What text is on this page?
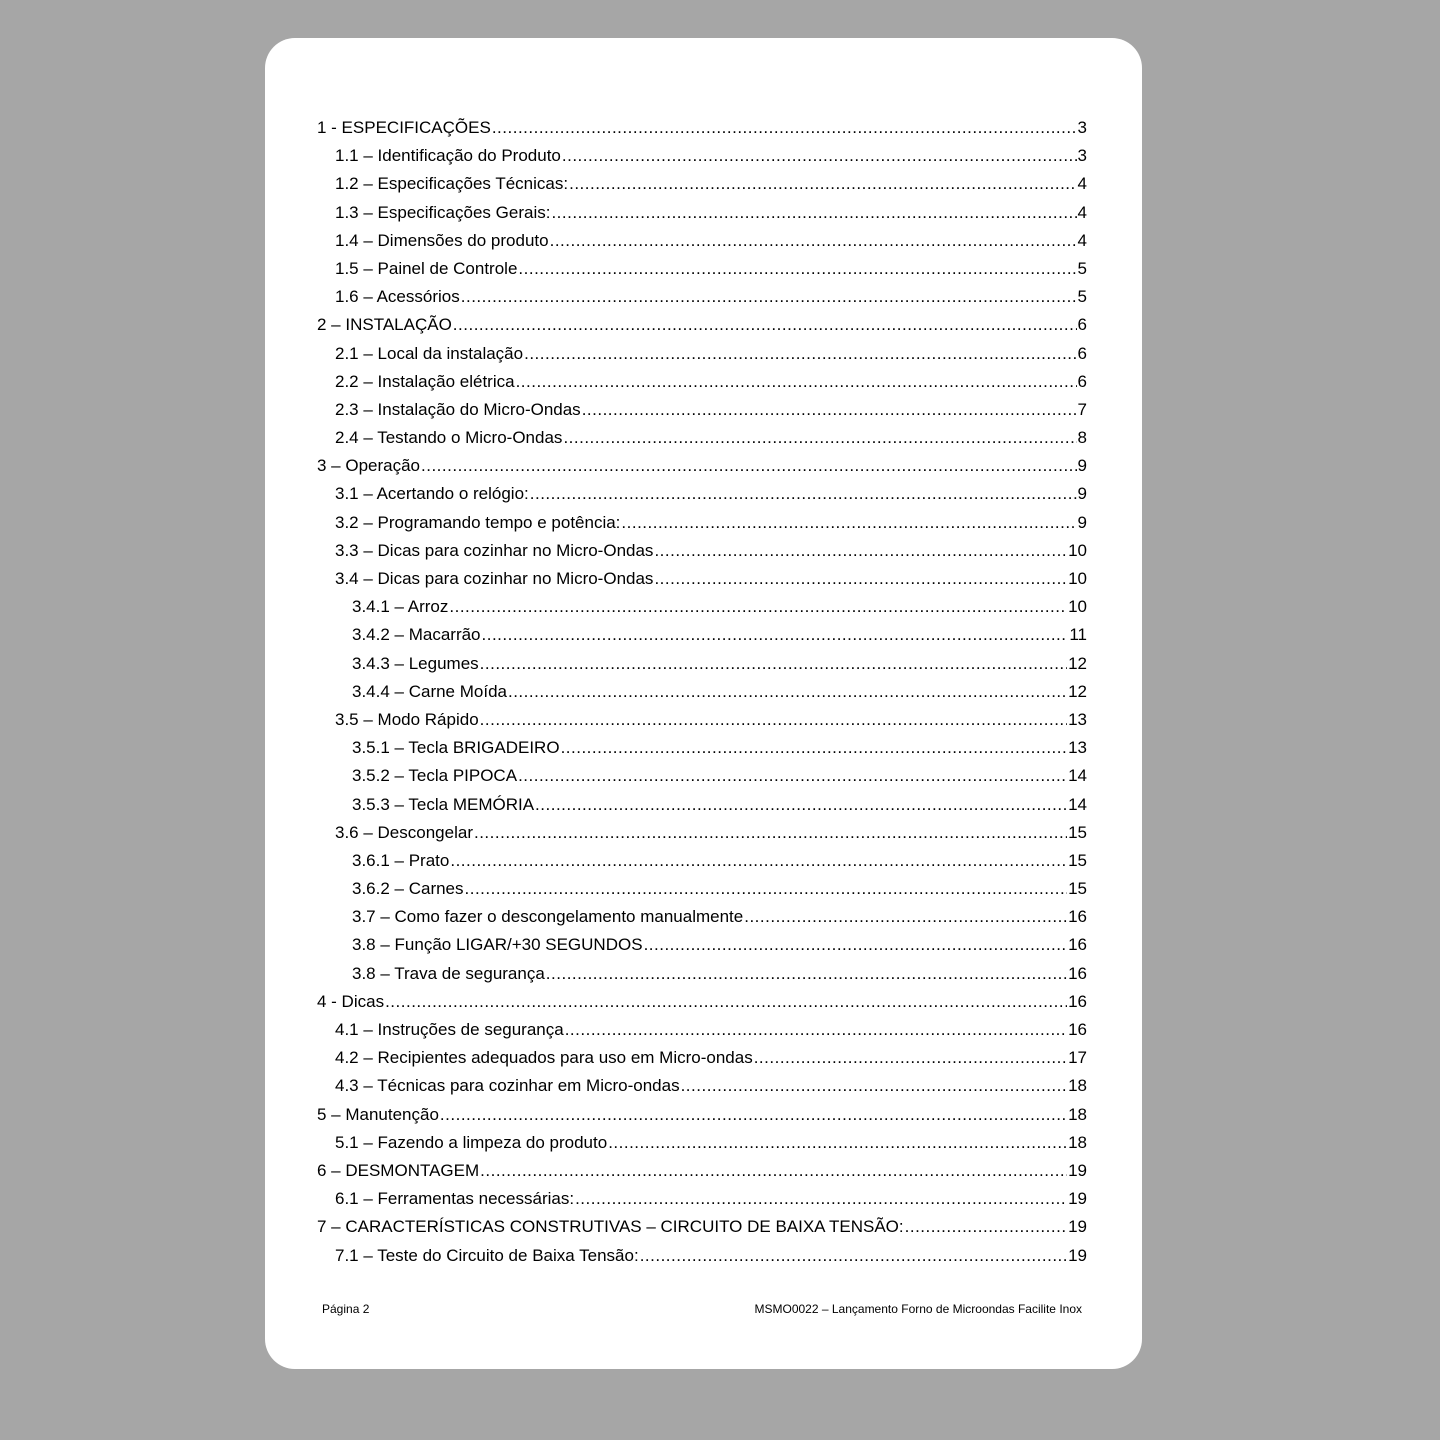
1 - ESPECIFICAÇÕES .....	3
1.1 – Identificação do Produto .....	3
1.2 – Especificações Técnicas: .....	4
1.3 – Especificações Gerais: .....	4
1.4 – Dimensões do produto .....	4
1.5 – Painel de Controle .....	5
1.6 – Acessórios .....	5
2 – INSTALAÇÃO .....	6
2.1 – Local da instalação .....	6
2.2 – Instalação elétrica .....	6
2.3 – Instalação do Micro-Ondas .....	7
2.4 – Testando o Micro-Ondas .....	8
3 – Operação .....	9
3.1 – Acertando o relógio: .....	9
3.2 – Programando tempo e potência: .....	9
3.3 – Dicas para cozinhar no Micro-Ondas .....	10
3.4 – Dicas para cozinhar no Micro-Ondas .....	10
3.4.1 – Arroz .....	10
3.4.2 – Macarrão .....	11
3.4.3 – Legumes .....	12
3.4.4 – Carne Moída .....	12
3.5 – Modo Rápido .....	13
3.5.1 – Tecla BRIGADEIRO .....	13
3.5.2 – Tecla PIPOCA .....	14
3.5.3 – Tecla MEMÓRIA .....	14
3.6 – Descongelar .....	15
3.6.1 – Prato .....	15
3.6.2 – Carnes .....	15
3.7 – Como fazer o descongelamento manualmente .....	16
3.8 – Função LIGAR/+30 SEGUNDOS .....	16
3.8 – Trava de segurança .....	16
4 - Dicas .....	16
4.1 – Instruções de segurança .....	16
4.2 – Recipientes adequados para uso em Micro-ondas .....	17
4.3 – Técnicas para cozinhar em Micro-ondas .....	18
5 – Manutenção .....	18
5.1 – Fazendo a limpeza do produto .....	18
6 – DESMONTAGEM .....	19
6.1 – Ferramentas necessárias: .....	19
7 – CARACTERÍSTICAS CONSTRUTIVAS – CIRCUITO DE BAIXA TENSÃO: .....	19
7.1 – Teste do Circuito de Baixa Tensão: .....	19
Página 2	MSMO0022 – Lançamento Forno de Microondas Facilite Inox
